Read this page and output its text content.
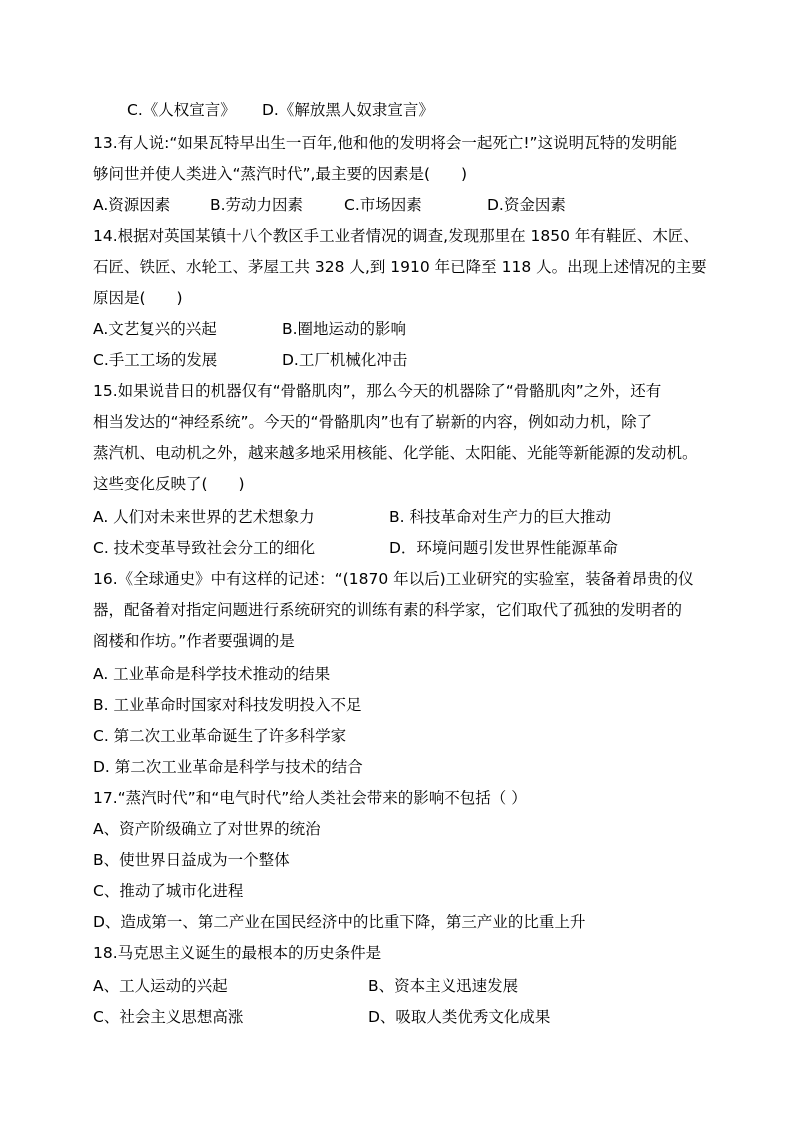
C.《人权宣言》 D.《解放黑人奴隶宣言》
13.有人说:“如果瓦特早出生一百年,他和他的发明将会一起死亡!”这说明瓦特的发明能
够问世并使人类进入“蒸汽时代”,最主要的因素是(　　)
A.资源因素	B.劳动力因素	C.市场因素	D.资金因素
14.根据对英国某镇十八个教区手工业者情况的调查,发现那里在 1850 年有鞋匠、木匠、
石匠、铁匠、水轮工、茅屋工共 328 人,到 1910 年已降至 118 人。出现上述情况的主要
原因是(　　)
A.文艺复兴的兴起	B.圈地运动的影响
C.手工工场的发展	D.工厂机械化冲击
15.如果说昔日的机器仅有“骨骼肌肉”，那么今天的机器除了“骨骼肌肉”之外，还有
相当发达的“神经系统”。今天的“骨骼肌肉”也有了崭新的内容，例如动力机，除了
蒸汽机、电动机之外，越来越多地采用核能、化学能、太阳能、光能等新能源的发动机。
这些变化反映了(　　)
A. 人们对未来世界的艺术想象力	B. 科技革命对生产力的巨大推动
C. 技术变革导致社会分工的细化	D．环境问题引发世界性能源革命
16.《全球通史》中有这样的记述：“(1870 年以后)工业研究的实验室，装备着昂贵的仪
器，配备着对指定问题进行系统研究的训练有素的科学家，它们取代了孤独的发明者的
阁楼和作坊。”作者要强调的是
A. 工业革命是科学技术推动的结果
B. 工业革命时国家对科技发明投入不足
C. 第二次工业革命诞生了许多科学家
D. 第二次工业革命是科学与技术的结合
17.“蒸汽时代”和“电气时代”给人类社会带来的影响不包括（ ）
A、资产阶级确立了对世界的统治
B、使世界日益成为一个整体
C、推动了城市化进程
D、造成第一、第二产业在国民经济中的比重下降，第三产业的比重上升
18.马克思主义诞生的最根本的历史条件是
A、工人运动的兴起	B、资本主义迅速发展
C、社会主义思想高涨	D、吸取人类优秀文化成果
